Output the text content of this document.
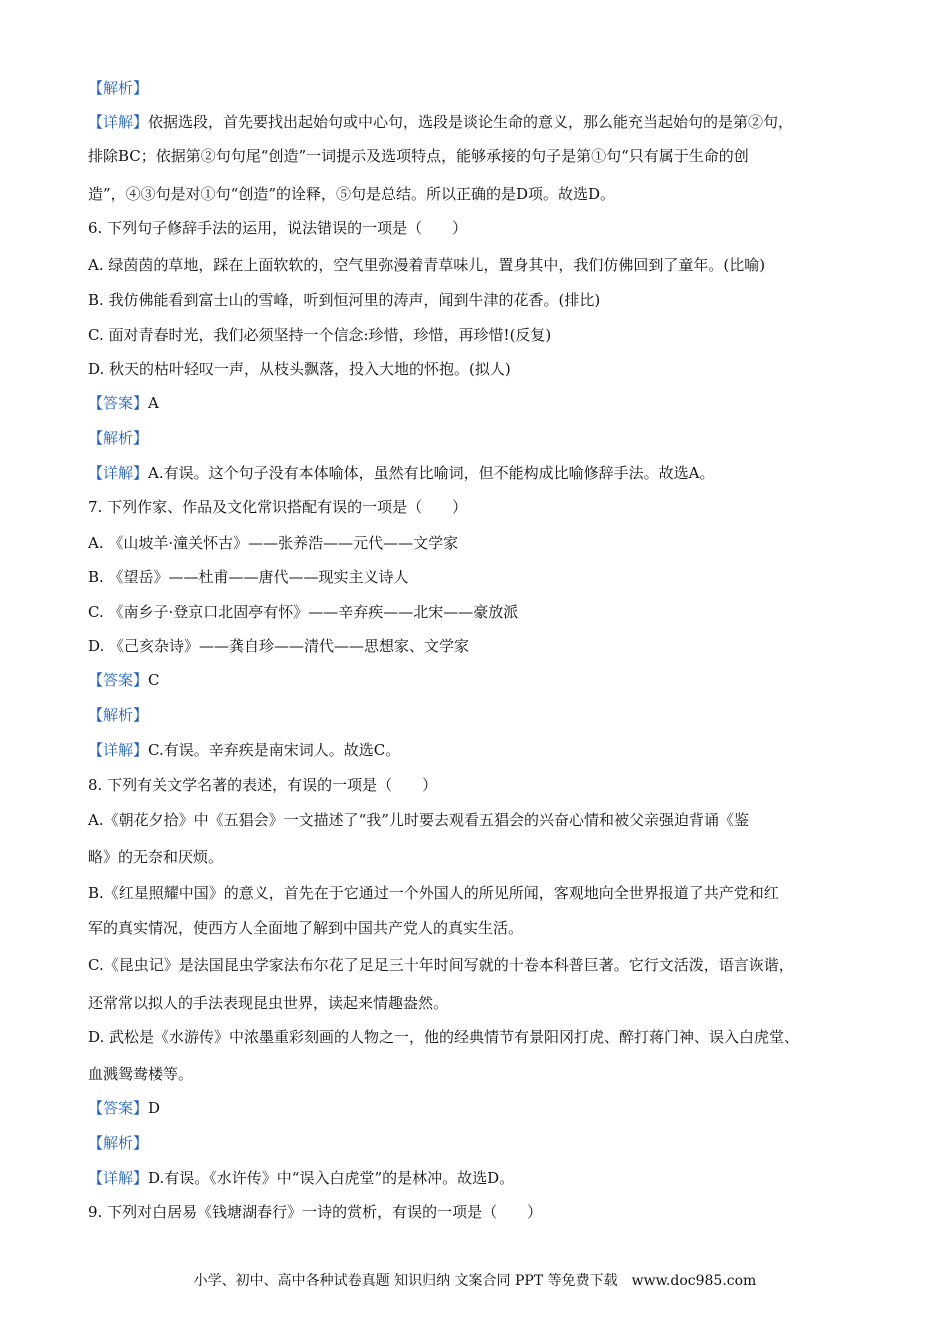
【解析】
【详解】依据选段，首先要找出起始句或中心句，选段是谈论生命的意义，那么能充当起始句的是第②句，
排除BC；依据第②句句尾“创造”一词提示及选项特点，能够承接的句子是第①句“只有属于生命的创
造”，④③句是对①句“创造”的诠释，⑤句是总结。所以正确的是D项。故选D。
6. 下列句子修辞手法的运用，说法错误的一项是（　　）
A. 绿茵茵的草地，踩在上面软软的，空气里弥漫着青草味儿，置身其中，我们仿佛回到了童年。(比喻)
B. 我仿佛能看到富士山的雪峰，听到恒河里的涛声，闻到牛津的花香。(排比)
C. 面对青春时光，我们必须坚持一个信念:珍惜，珍惜，再珍惜!(反复)
D. 秋天的枯叶轻叹一声，从枝头飘落，投入大地的怀抱。(拟人)
【答案】A
【解析】
【详解】A.有误。这个句子没有本体喻体，虽然有比喻词，但不能构成比喻修辞手法。故选A。
7. 下列作家、作品及文化常识搭配有误的一项是（　　）
A. 《山坡羊·潼关怀古》——张养浩——元代——文学家
B. 《望岳》——杜甫——唐代——现实主义诗人
C. 《南乡子·登京口北固亭有怀》——辛弃疾——北宋——豪放派
D. 《己亥杂诗》——龚自珍——清代——思想家、文学家
【答案】C
【解析】
【详解】C.有误。辛弃疾是南宋词人。故选C。
8. 下列有关文学名著的表述，有误的一项是（　　）
A.《朝花夕拾》中《五猖会》一文描述了“我”儿时要去观看五猖会的兴奋心情和被父亲强迫背诵《鉴
略》的无奈和厌烦。
B.《红星照耀中国》的意义，首先在于它通过一个外国人的所见所闻，客观地向全世界报道了共产党和红
军的真实情况，使西方人全面地了解到中国共产党人的真实生活。
C.《昆虫记》是法国昆虫学家法布尔花了足足三十年时间写就的十卷本科普巨著。它行文活泼，语言诙谐，
还常常以拟人的手法表现昆虫世界，读起来情趣盎然。
D. 武松是《水游传》中浓墨重彩刻画的人物之一，他的经典情节有景阳冈打虎、醉打蒋门神、误入白虎堂、
血溅鸳鸯楼等。
【答案】D
【解析】
【详解】D.有误。《水许传》中“误入白虎堂”的是林冲。故选D。
9. 下列对白居易《钱塘湖春行》一诗的赏析，有误的一项是（　　）
小学、初中、高中各种试卷真题 知识归纳 文案合同 PPT 等免费下载　www.doc985.com
